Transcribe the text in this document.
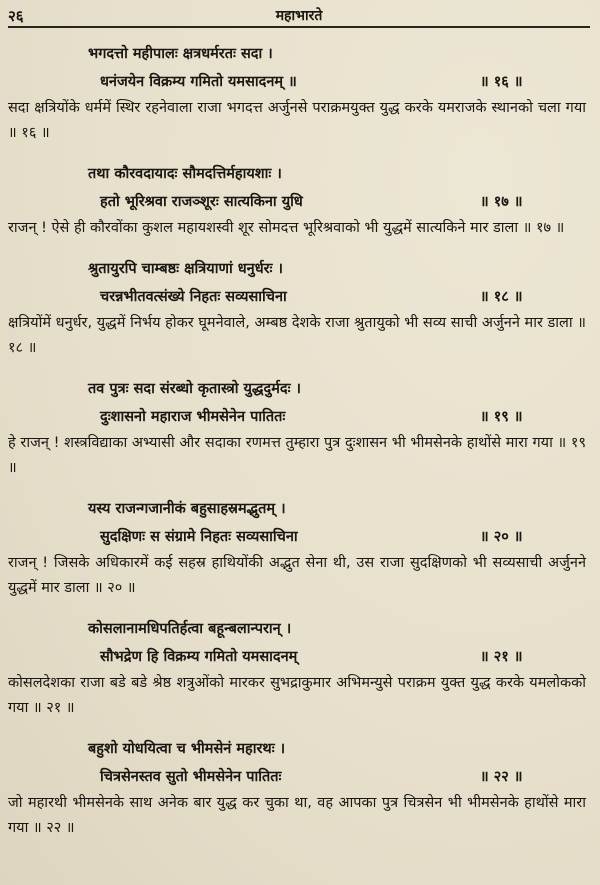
२६	महाभारते
भगदत्तो महीपालः क्षत्रधर्मरतः सदा ।
धनंजयेन विक्रम्य गमितो यमसादनम् ॥	॥ १६ ॥
सदा क्षत्रियोंके धर्ममें स्थिर रहनेवाला राजा भगदत्त अर्जुनसे पराक्रमयुक्त युद्ध करके यमराजके स्थानको चला गया ॥ १६ ॥
तथा कौरवदायादः सौमदत्तिर्महायशाः ।
हतो भूरिश्रवा राजञ्शूरः सात्यकिना युधि	॥ १७ ॥
राजन् ! ऐसे ही कौरवोंका कुशल महायशस्वी शूर सोमदत्त भूरिश्रवाको भी युद्धमें सात्यकिने मार डाला ॥ १७ ॥
श्रुतायुरपि चाम्बष्ठः क्षत्रियाणां धनुर्धरः ।
चरन्नभीतवत्संख्ये निहतः सव्यसाचिना	॥ १८ ॥
क्षत्रियोंमें धनुर्धर, युद्धमें निर्भय होकर घूमनेवाले, अम्बष्ठ देशके राजा श्रुतायुको भी सव्य साची अर्जुनने मार डाला ॥ १८ ॥
तव पुत्रः सदा संरब्धो कृतास्त्रो युद्धदुर्मदः ।
दुःशासनो महाराज भीमसेनेन पातितः	॥ १९ ॥
हे राजन् ! शस्त्रविद्याका अभ्यासी और सदाका रणमत्त तुम्हारा पुत्र दुःशासन भी भीमसेनके हाथोंसे मारा गया ॥ १९ ॥
यस्य राजन्गजानीकं बहुसाहस्रमद्भुतम् ।
सुदक्षिणः स संग्रामे निहतः सव्यसाचिना	॥ २० ॥
राजन् ! जिसके अधिकारमें कई सहस्र हाथियोंकी अद्भुत सेना थी, उस राजा सुदक्षिणको भी सव्यसाची अर्जुनने युद्धमें मार डाला ॥ २० ॥
कोसलानामधिपतिर्हत्वा बहून्बलान्परान् ।
सौभद्रेण हि विक्रम्य गमितो यमसादनम्	॥ २१ ॥
कोसलदेशका राजा बडे बडे श्रेष्ठ शत्रुओंको मारकर सुभद्राकुमार अभिमन्युसे पराक्रम युक्त युद्ध करके यमलोकको गया ॥ २१ ॥
बहुशो योधयित्वा च भीमसेनं महारथः ।
चित्रसेनस्तव सुतो भीमसेनेन पातितः	॥ २२ ॥
जो महारथी भीमसेनके साथ अनेक बार युद्ध कर चुका था, वह आपका पुत्र चित्रसेन भी भीमसेनके हाथोंसे मारा गया ॥ २२ ॥
